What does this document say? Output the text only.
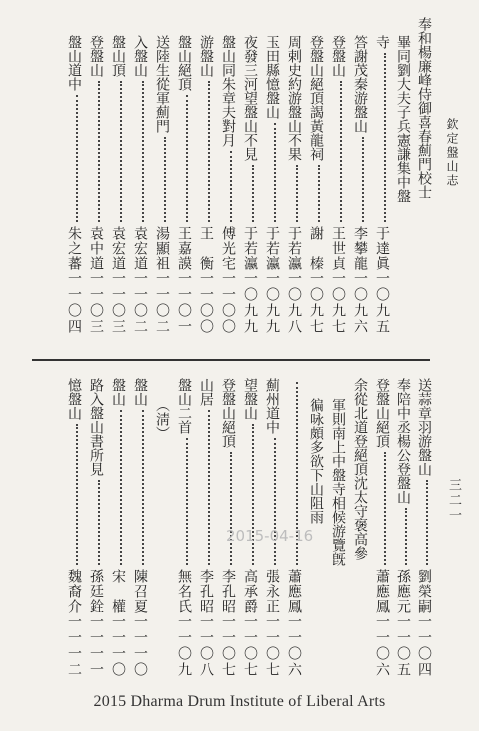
欽定盤山志
奉和楊廉峰侍御喜春薊門校士
畢同劉大夫子兵憲謙集中盤
寺
于達眞
一〇九五
答謝茂秦游盤山
李攀龍
一〇九六
登盤山
王世貞
一〇九七
登盤山絕頂謁黃龍祠
謝　榛
一〇九七
周剌史約游盤山不果
于若瀛
一〇九八
玉田縣憶盤山
于若瀛
一〇九九
夜發三河望盤山不見
于若瀛
一〇九九
盤山同朱章夫對月
傅光宅
一一〇〇
游盤山
王　衡
一一〇〇
盤山絕頂
王嘉謨
一一〇一
送陸生從軍薊門
湯顯祖
一一〇二
入盤山
袁宏道
一一〇二
盤山頂
袁宏道
一一〇三
登盤山
袁中道
一一〇三
盤山道中
朱之蕃
一一〇四
三二一
送蒜章羽游盤山
劉榮嗣
一一〇四
奉陪中丞楊公登盤山
孫應元
一一〇五
登盤山絕頂
蕭應鳳
一一〇六
余從北道登絕頂沈太守褒高參
軍則南上中盤寺相候游覽旣
徧咏頗多欲下山阻雨
蕭應鳳
一一〇六
薊州道中
張永正
一一〇七
望盤山
高承爵
一一〇七
登盤山絕頂
李孔昭
一一〇七
山居
李孔昭
一一〇八
盤山二首
無名氏
一一〇九
（淸）
盤山
陳召夏
一一一〇
盤山
宋　權
一一一〇
路入盤山書所見
孫廷銓
一一一一
憶盤山
魏裔介
一一一二
2015-04-16
2015 Dharma Drum Institute of Liberal Arts
